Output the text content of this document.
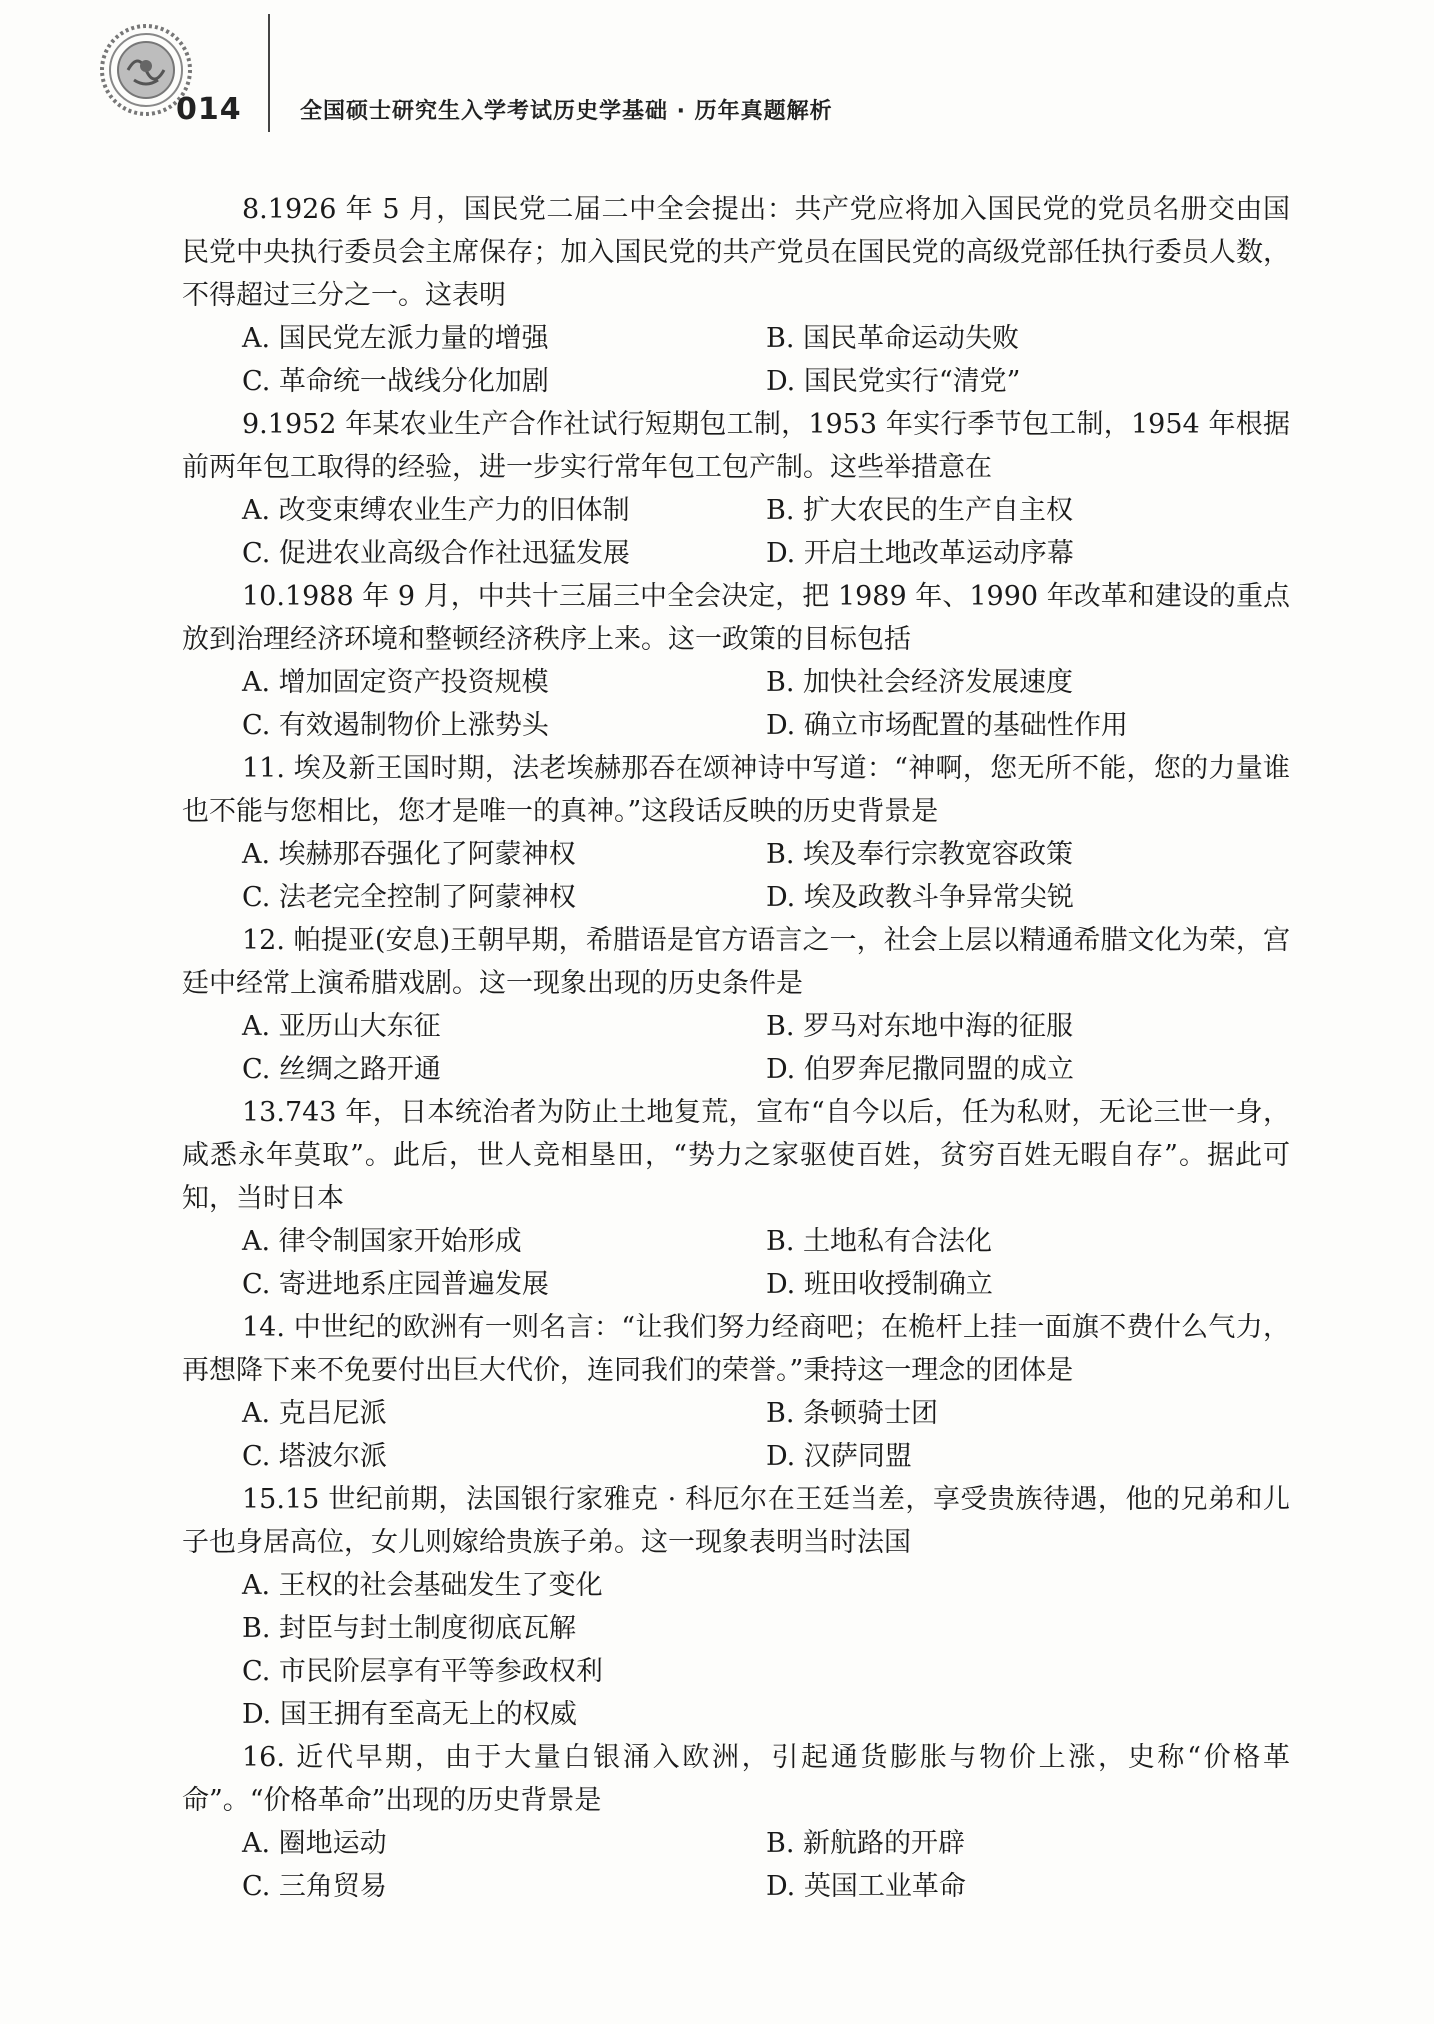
014	全国硕士研究生入学考试历史学基础 · 历年真题解析

8.1926 年 5 月，国民党二届二中全会提出：共产党应将加入国民党的党员名册交由国民党中央执行委员会主席保存；加入国民党的共产党员在国民党的高级党部任执行委员人数，不得超过三分之一。这表明

A. 国民党左派力量的增强	B. 国民革命运动失败
C. 革命统一战线分化加剧	D. 国民党实行“清党”

9.1952 年某农业生产合作社试行短期包工制，1953 年实行季节包工制，1954 年根据前两年包工取得的经验，进一步实行常年包工包产制。这些举措意在

A. 改变束缚农业生产力的旧体制	B. 扩大农民的生产自主权
C. 促进农业高级合作社迅猛发展	D. 开启土地改革运动序幕

10.1988 年 9 月，中共十三届三中全会决定，把 1989 年、1990 年改革和建设的重点放到治理经济环境和整顿经济秩序上来。这一政策的目标包括

A. 增加固定资产投资规模	B. 加快社会经济发展速度
C. 有效遏制物价上涨势头	D. 确立市场配置的基础性作用

11. 埃及新王国时期，法老埃赫那吞在颂神诗中写道：“神啊，您无所不能，您的力量谁也不能与您相比，您才是唯一的真神。”这段话反映的历史背景是

A. 埃赫那吞强化了阿蒙神权	B. 埃及奉行宗教宽容政策
C. 法老完全控制了阿蒙神权	D. 埃及政教斗争异常尖锐

12. 帕提亚(安息)王朝早期，希腊语是官方语言之一，社会上层以精通希腊文化为荣，宫廷中经常上演希腊戏剧。这一现象出现的历史条件是

A. 亚历山大东征	B. 罗马对东地中海的征服
C. 丝绸之路开通	D. 伯罗奔尼撒同盟的成立

13.743 年，日本统治者为防止土地复荒，宣布“自今以后，任为私财，无论三世一身，咸悉永年莫取”。此后，世人竞相垦田，“势力之家驱使百姓，贫穷百姓无暇自存”。据此可知，当时日本

A. 律令制国家开始形成	B. 土地私有合法化
C. 寄进地系庄园普遍发展	D. 班田收授制确立

14. 中世纪的欧洲有一则名言：“让我们努力经商吧；在桅杆上挂一面旗不费什么气力，再想降下来不免要付出巨大代价，连同我们的荣誉。”秉持这一理念的团体是

A. 克吕尼派	B. 条顿骑士团
C. 塔波尔派	D. 汉萨同盟

15.15 世纪前期，法国银行家雅克 · 科厄尔在王廷当差，享受贵族待遇，他的兄弟和儿子也身居高位，女儿则嫁给贵族子弟。这一现象表明当时法国

A. 王权的社会基础发生了变化
B. 封臣与封土制度彻底瓦解
C. 市民阶层享有平等参政权利
D. 国王拥有至高无上的权威

16. 近代早期，由于大量白银涌入欧洲，引起通货膨胀与物价上涨，史称“价格革命”。“价格革命”出现的历史背景是

A. 圈地运动	B. 新航路的开辟
C. 三角贸易	D. 英国工业革命
